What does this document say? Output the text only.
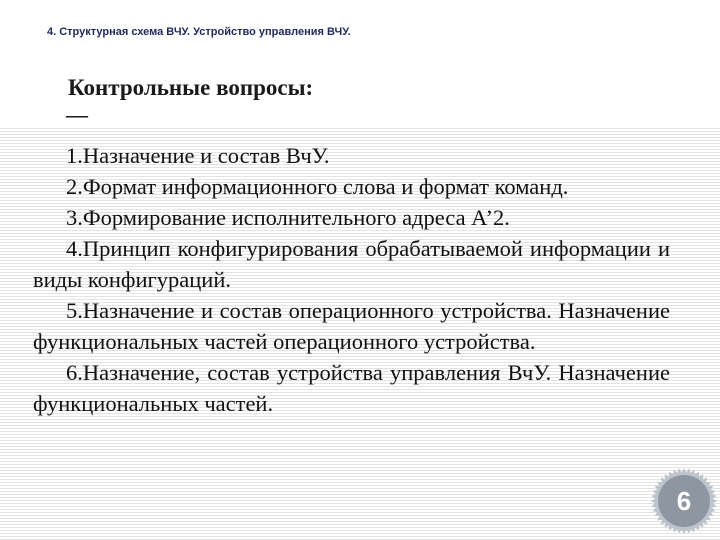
4. Структурная схема ВЧУ. Устройство управления ВЧУ.

Контрольные вопросы:
—
1.Назначение и состав ВчУ.
2.Формат информационного слова и формат команд.
3.Формирование исполнительного адреса А’2.
4.Принцип конфигурирования обрабатываемой информации и виды конфигураций.
5.Назначение и состав операционного устройства. Назначение функциональных частей операционного устройства.
6.Назначение, состав устройства управления ВчУ. Назначение функциональных частей.
6
